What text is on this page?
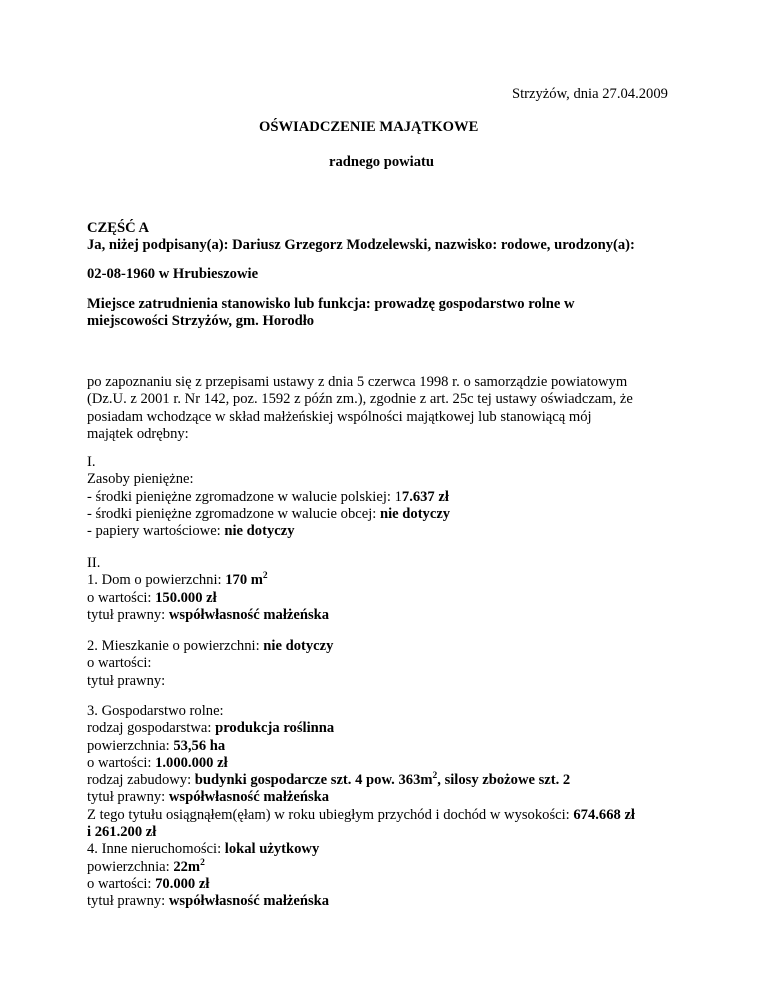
Strzyżów, dnia 27.04.2009
OŚWIADCZENIE MAJĄTKOWE
radnego powiatu
CZĘŚĆ A
Ja, niżej podpisany(a): Dariusz Grzegorz Modzelewski, nazwisko: rodowe, urodzony(a):
02-08-1960 w Hrubieszowie
Miejsce zatrudnienia stanowisko lub funkcja: prowadzę gospodarstwo rolne w
miejscowości Strzyżów, gm. Horodło
po zapoznaniu się z przepisami ustawy z dnia 5 czerwca 1998 r. o samorządzie powiatowym
(Dz.U. z 2001 r. Nr 142, poz. 1592 z późn zm.), zgodnie z art. 25c tej ustawy oświadczam, że
posiadam wchodzące w skład małżeńskiej wspólności majątkowej lub stanowiącą mój
majątek odrębny:
I.
Zasoby pieniężne:
- środki pieniężne zgromadzone w walucie polskiej: 17.637 zł
- środki pieniężne zgromadzone w walucie obcej: nie dotyczy
- papiery wartościowe: nie dotyczy
II.
1. Dom o powierzchni: 170 $m^2$
o wartości: 150.000 zł
tytuł prawny: współwłasność małżeńska
2. Mieszkanie o powierzchni: nie dotyczy
o wartości:
tytuł prawny:
3. Gospodarstwo rolne:
rodzaj gospodarstwa: produkcja roślinna
powierzchnia: 53,56 ha
o wartości: 1.000.000 zł
rodzaj zabudowy: budynki gospodarcze szt. 4 pow. $363m^2$, silosy zbożowe szt. 2
tytuł prawny: współwłasność małżeńska
Z tego tytułu osiągnąłem(ęłam) w roku ubiegłym przychód i dochód w wysokości: 674.668 zł
i 261.200 zł
4. Inne nieruchomości: lokal użytkowy
powierzchnia: $22m^2$
o wartości: 70.000 zł
tytuł prawny: współwłasność małżeńska
